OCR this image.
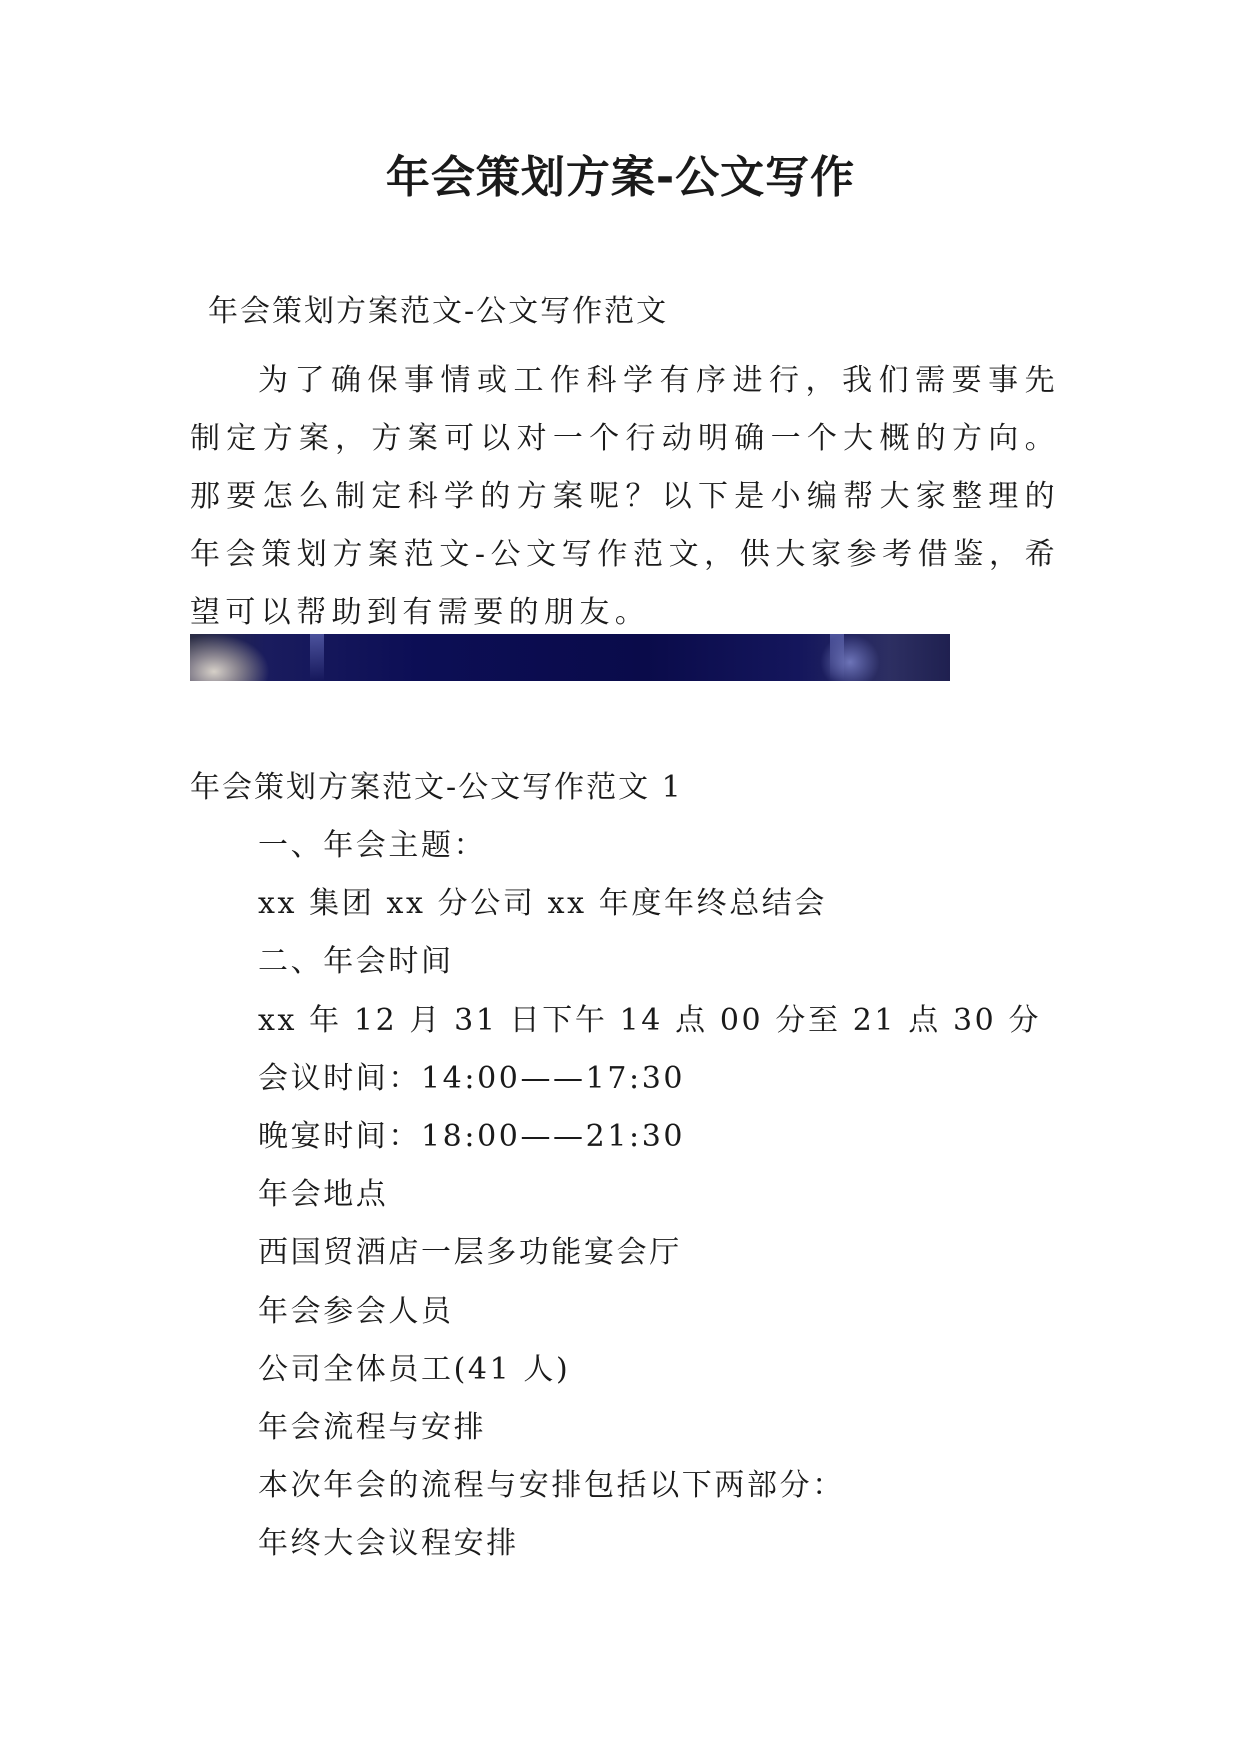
年会策划方案-公文写作
年会策划方案范文-公文写作范文

为了确保事情或工作科学有序进行，我们需要事先制定方案，方案可以对一个行动明确一个大概的方向。那要怎么制定科学的方案呢？以下是小编帮大家整理的年会策划方案范文-公文写作范文，供大家参考借鉴，希望可以帮助到有需要的朋友。

年会策划方案范文-公文写作范文 1
一、年会主题：
xx 集团 xx 分公司 xx 年度年终总结会
二、年会时间
xx 年 12 月 31 日下午 14 点 00 分至 21 点 30 分
会议时间：14:00——17:30
晚宴时间：18:00——21:30
年会地点
西国贸酒店一层多功能宴会厅
年会参会人员
公司全体员工(41 人)
年会流程与安排
本次年会的流程与安排包括以下两部分：
年终大会议程安排
